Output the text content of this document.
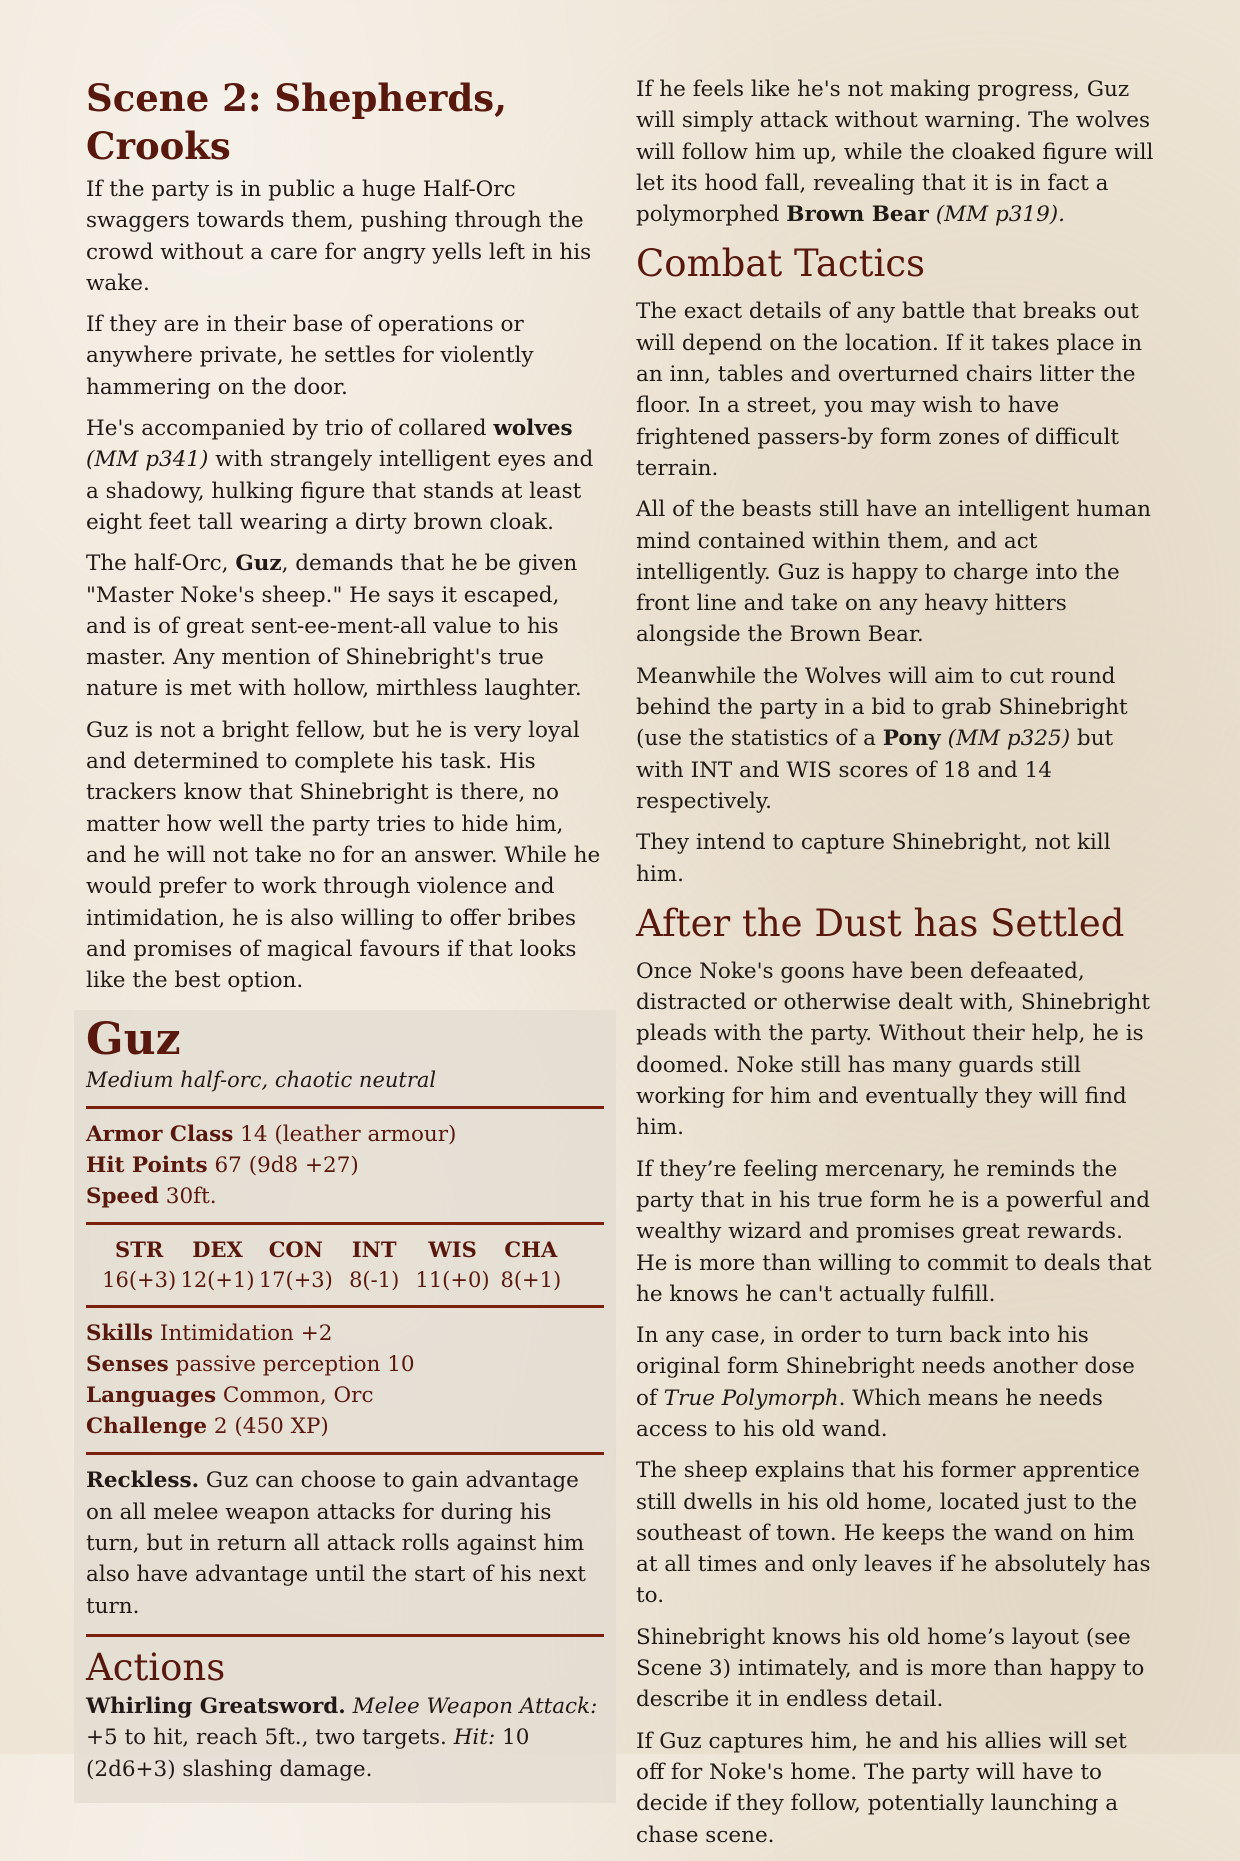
Scene 2: Shepherds, Crooks

If the party is in public a huge Half-Orc swaggers towards them, pushing through the crowd without a care for angry yells left in his wake.

If they are in their base of operations or anywhere private, he settles for violently hammering on the door.

He's accompanied by trio of collared wolves (MM p341) with strangely intelligent eyes and a shadowy, hulking figure that stands at least eight feet tall wearing a dirty brown cloak.

The half-Orc, Guz, demands that he be given "Master Noke's sheep." He says it escaped, and is of great sent-ee-ment-all value to his master. Any mention of Shinebright's true nature is met with hollow, mirthless laughter.

Guz is not a bright fellow, but he is very loyal and determined to complete his task. His trackers know that Shinebright is there, no matter how well the party tries to hide him, and he will not take no for an answer. While he would prefer to work through violence and intimidation, he is also willing to offer bribes and promises of magical favours if that looks like the best option.

Guz
Medium half-orc, chaotic neutral
Armor Class 14 (leather armour)
Hit Points 67 (9d8 +27)
Speed 30ft.
STR	DEX	CON	INT	WIS	CHA
16(+3) 12(+1) 17(+3) 8(-1) 11(+0) 8(+1)
Skills Intimidation +2
Senses passive perception 10
Languages Common, Orc
Challenge 2 (450 XP)

Reckless. Guz can choose to gain advantage on all melee weapon attacks for during his turn, but in return all attack rolls against him also have advantage until the start of his next turn.

Actions

Whirling Greatsword. Melee Weapon Attack: +5 to hit, reach 5ft., two targets. Hit: 10 (2d6+3) slashing damage.

If he feels like he's not making progress, Guz will simply attack without warning. The wolves will follow him up, while the cloaked figure will let its hood fall, revealing that it is in fact a polymorphed Brown Bear (MM p319).

Combat Tactics

The exact details of any battle that breaks out will depend on the location. If it takes place in an inn, tables and overturned chairs litter the floor. In a street, you may wish to have frightened passers-by form zones of difficult terrain.

All of the beasts still have an intelligent human mind contained within them, and act intelligently. Guz is happy to charge into the front line and take on any heavy hitters alongside the Brown Bear.

Meanwhile the Wolves will aim to cut round behind the party in a bid to grab Shinebright (use the statistics of a Pony (MM p325) but with INT and WIS scores of 18 and 14 respectively.

They intend to capture Shinebright, not kill him.

After the Dust has Settled

Once Noke's goons have been defeaated, distracted or otherwise dealt with, Shinebright pleads with the party. Without their help, he is doomed. Noke still has many guards still working for him and eventually they will find him.

If they’re feeling mercenary, he reminds the party that in his true form he is a powerful and wealthy wizard and promises great rewards. He is more than willing to commit to deals that he knows he can't actually fulfill.

In any case, in order to turn back into his original form Shinebright needs another dose of True Polymorph. Which means he needs access to his old wand.

The sheep explains that his former apprentice still dwells in his old home, located just to the southeast of town. He keeps the wand on him at all times and only leaves if he absolutely has to.

Shinebright knows his old home’s layout (see Scene 3) intimately, and is more than happy to describe it in endless detail.

If Guz captures him, he and his allies will set off for Noke's home. The party will have to decide if they follow, potentially launching a chase scene.
